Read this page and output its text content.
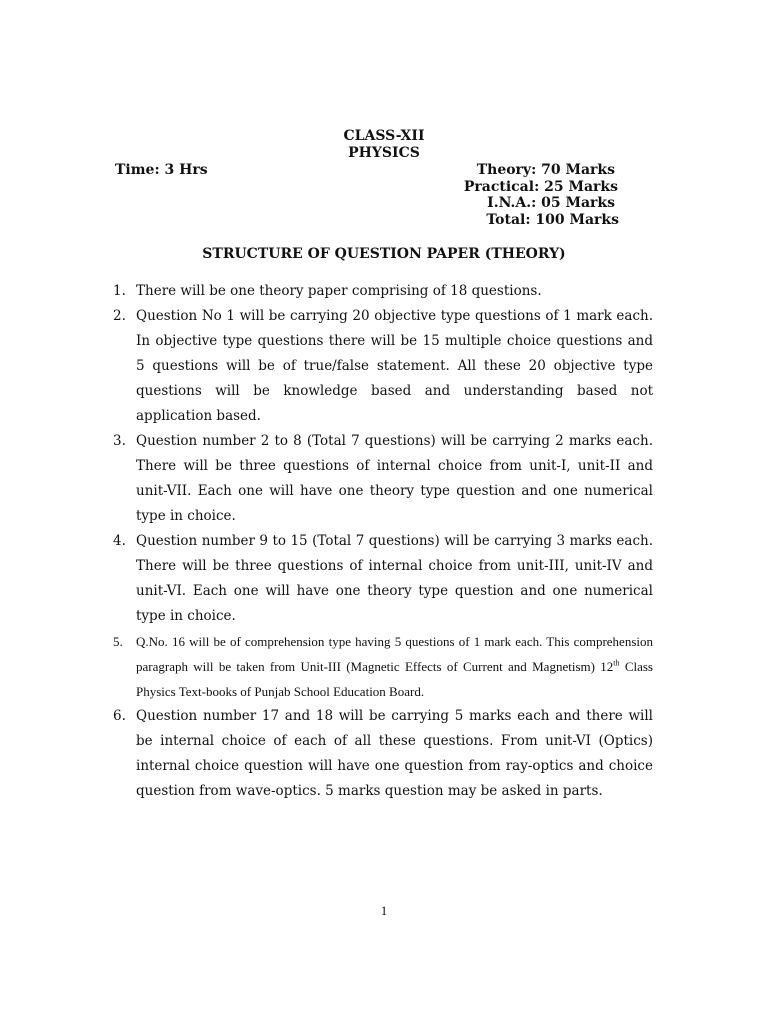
CLASS-XII
PHYSICS
Time: 3 Hrs	Theory: 70 Marks
Practical: 25 Marks
I.N.A.: 05 Marks
Total: 100 Marks
STRUCTURE OF QUESTION PAPER (THEORY)
1. There will be one theory paper comprising of 18 questions.
2. Question No 1 will be carrying 20 objective type questions of 1 mark each. In objective type questions there will be 15 multiple choice questions and 5 questions will be of true/false statement. All these 20 objective type questions will be knowledge based and understanding based not application based.
3. Question number 2 to 8 (Total 7 questions) will be carrying 2 marks each. There will be three questions of internal choice from unit-I, unit-II and unit-VII. Each one will have one theory type question and one numerical type in choice.
4. Question number 9 to 15 (Total 7 questions) will be carrying 3 marks each. There will be three questions of internal choice from unit-III, unit-IV and unit-VI. Each one will have one theory type question and one numerical type in choice.
5. Q.No. 16 will be of comprehension type having 5 questions of 1 mark each. This comprehension paragraph will be taken from Unit-III (Magnetic Effects of Current and Magnetism) 12th Class Physics Text-books of Punjab School Education Board.
6. Question number 17 and 18 will be carrying 5 marks each and there will be internal choice of each of all these questions. From unit-VI (Optics) internal choice question will have one question from ray-optics and choice question from wave-optics. 5 marks question may be asked in parts.
1
